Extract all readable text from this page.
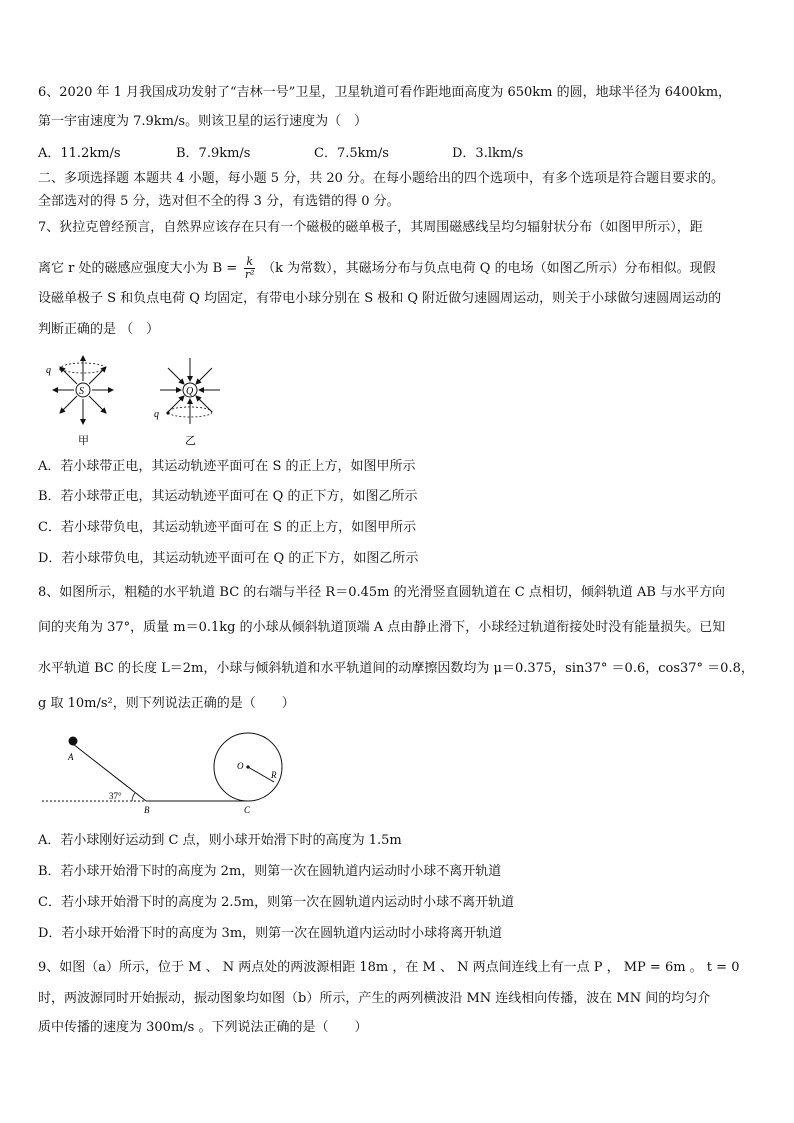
6、2020 年 1 月我国成功发射了“吉林一号”卫星，卫星轨道可看作距地面高度为 650km 的圆，地球半径为 6400km，
第一宇宙速度为 7.9km/s。则该卫星的运行速度为（　）
A．11.2km/s	B．7.9km/s	C．7.5km/s	D．3.lkm/s
二、多项选择题 本题共 4 小题，每小题 5 分，共 20 分。在每小题给出的四个选项中，有多个选项是符合题目要求的。
全部选对的得 5 分，选对但不全的得 3 分，有选错的得 0 分。
7、狄拉克曾经预言，自然界应该存在只有一个磁极的磁单极子，其周围磁感线呈均匀辐射状分布（如图甲所示），距
离它 r 处的磁感应强度大小为 $B = \frac{k}{\text{r²}} (k$ 为常数），其磁场分布与负点电荷 Q 的电场（如图乙所示）分布相似。现假
设磁单极子 S 和负点电荷 Q 均固定，有带电小球分别在 S 极和 Q 附近做匀速圆周运动，则关于小球做匀速圆周运动的
判断正确的是 （　）
q
S
甲
q
Q
乙
A．若小球带正电，其运动轨迹平面可在 S 的正上方，如图甲所示
B．若小球带正电，其运动轨迹平面可在 Q 的正下方，如图乙所示
C．若小球带负电，其运动轨迹平面可在 S 的正上方，如图甲所示
D．若小球带负电，其运动轨迹平面可在 Q 的正下方，如图乙所示
8、如图所示，粗糙的水平轨道 BC 的右端与半径 R＝0.45m 的光滑竖直圆轨道在 C 点相切，倾斜轨道 AB 与水平方向
间的夹角为 37°，质量 m＝0.1kg 的小球从倾斜轨道顶端 A 点由静止滑下，小球经过轨道衔接处时没有能量损失。已知
水平轨道 BC 的长度 L＝2m，小球与倾斜轨道和水平轨道间的动摩擦因数均为 μ＝0.375，sin37° ＝0.6，cos37° ＝0.8，
g 取 10m/s²，则下列说法正确的是（　　）
A
37°
B	C
O
R
A．若小球刚好运动到 C 点，则小球开始滑下时的高度为 1.5m
B．若小球开始滑下时的高度为 2m，则第一次在圆轨道内运动时小球不离开轨道
C．若小球开始滑下时的高度为 2.5m，则第一次在圆轨道内运动时小球不离开轨道
D．若小球开始滑下时的高度为 3m，则第一次在圆轨道内运动时小球将离开轨道
9、如图（a）所示，位于 M 、 N 两点处的两波源相距 18m ，在 M 、 N 两点间连线上有一点 P ， MP = 6m 。 t = 0
时，两波源同时开始振动，振动图象均如图（b）所示，产生的两列横波沿 MN 连线相向传播，波在 MN 间的均匀介
质中传播的速度为 300m/s 。下列说法正确的是（　　）
